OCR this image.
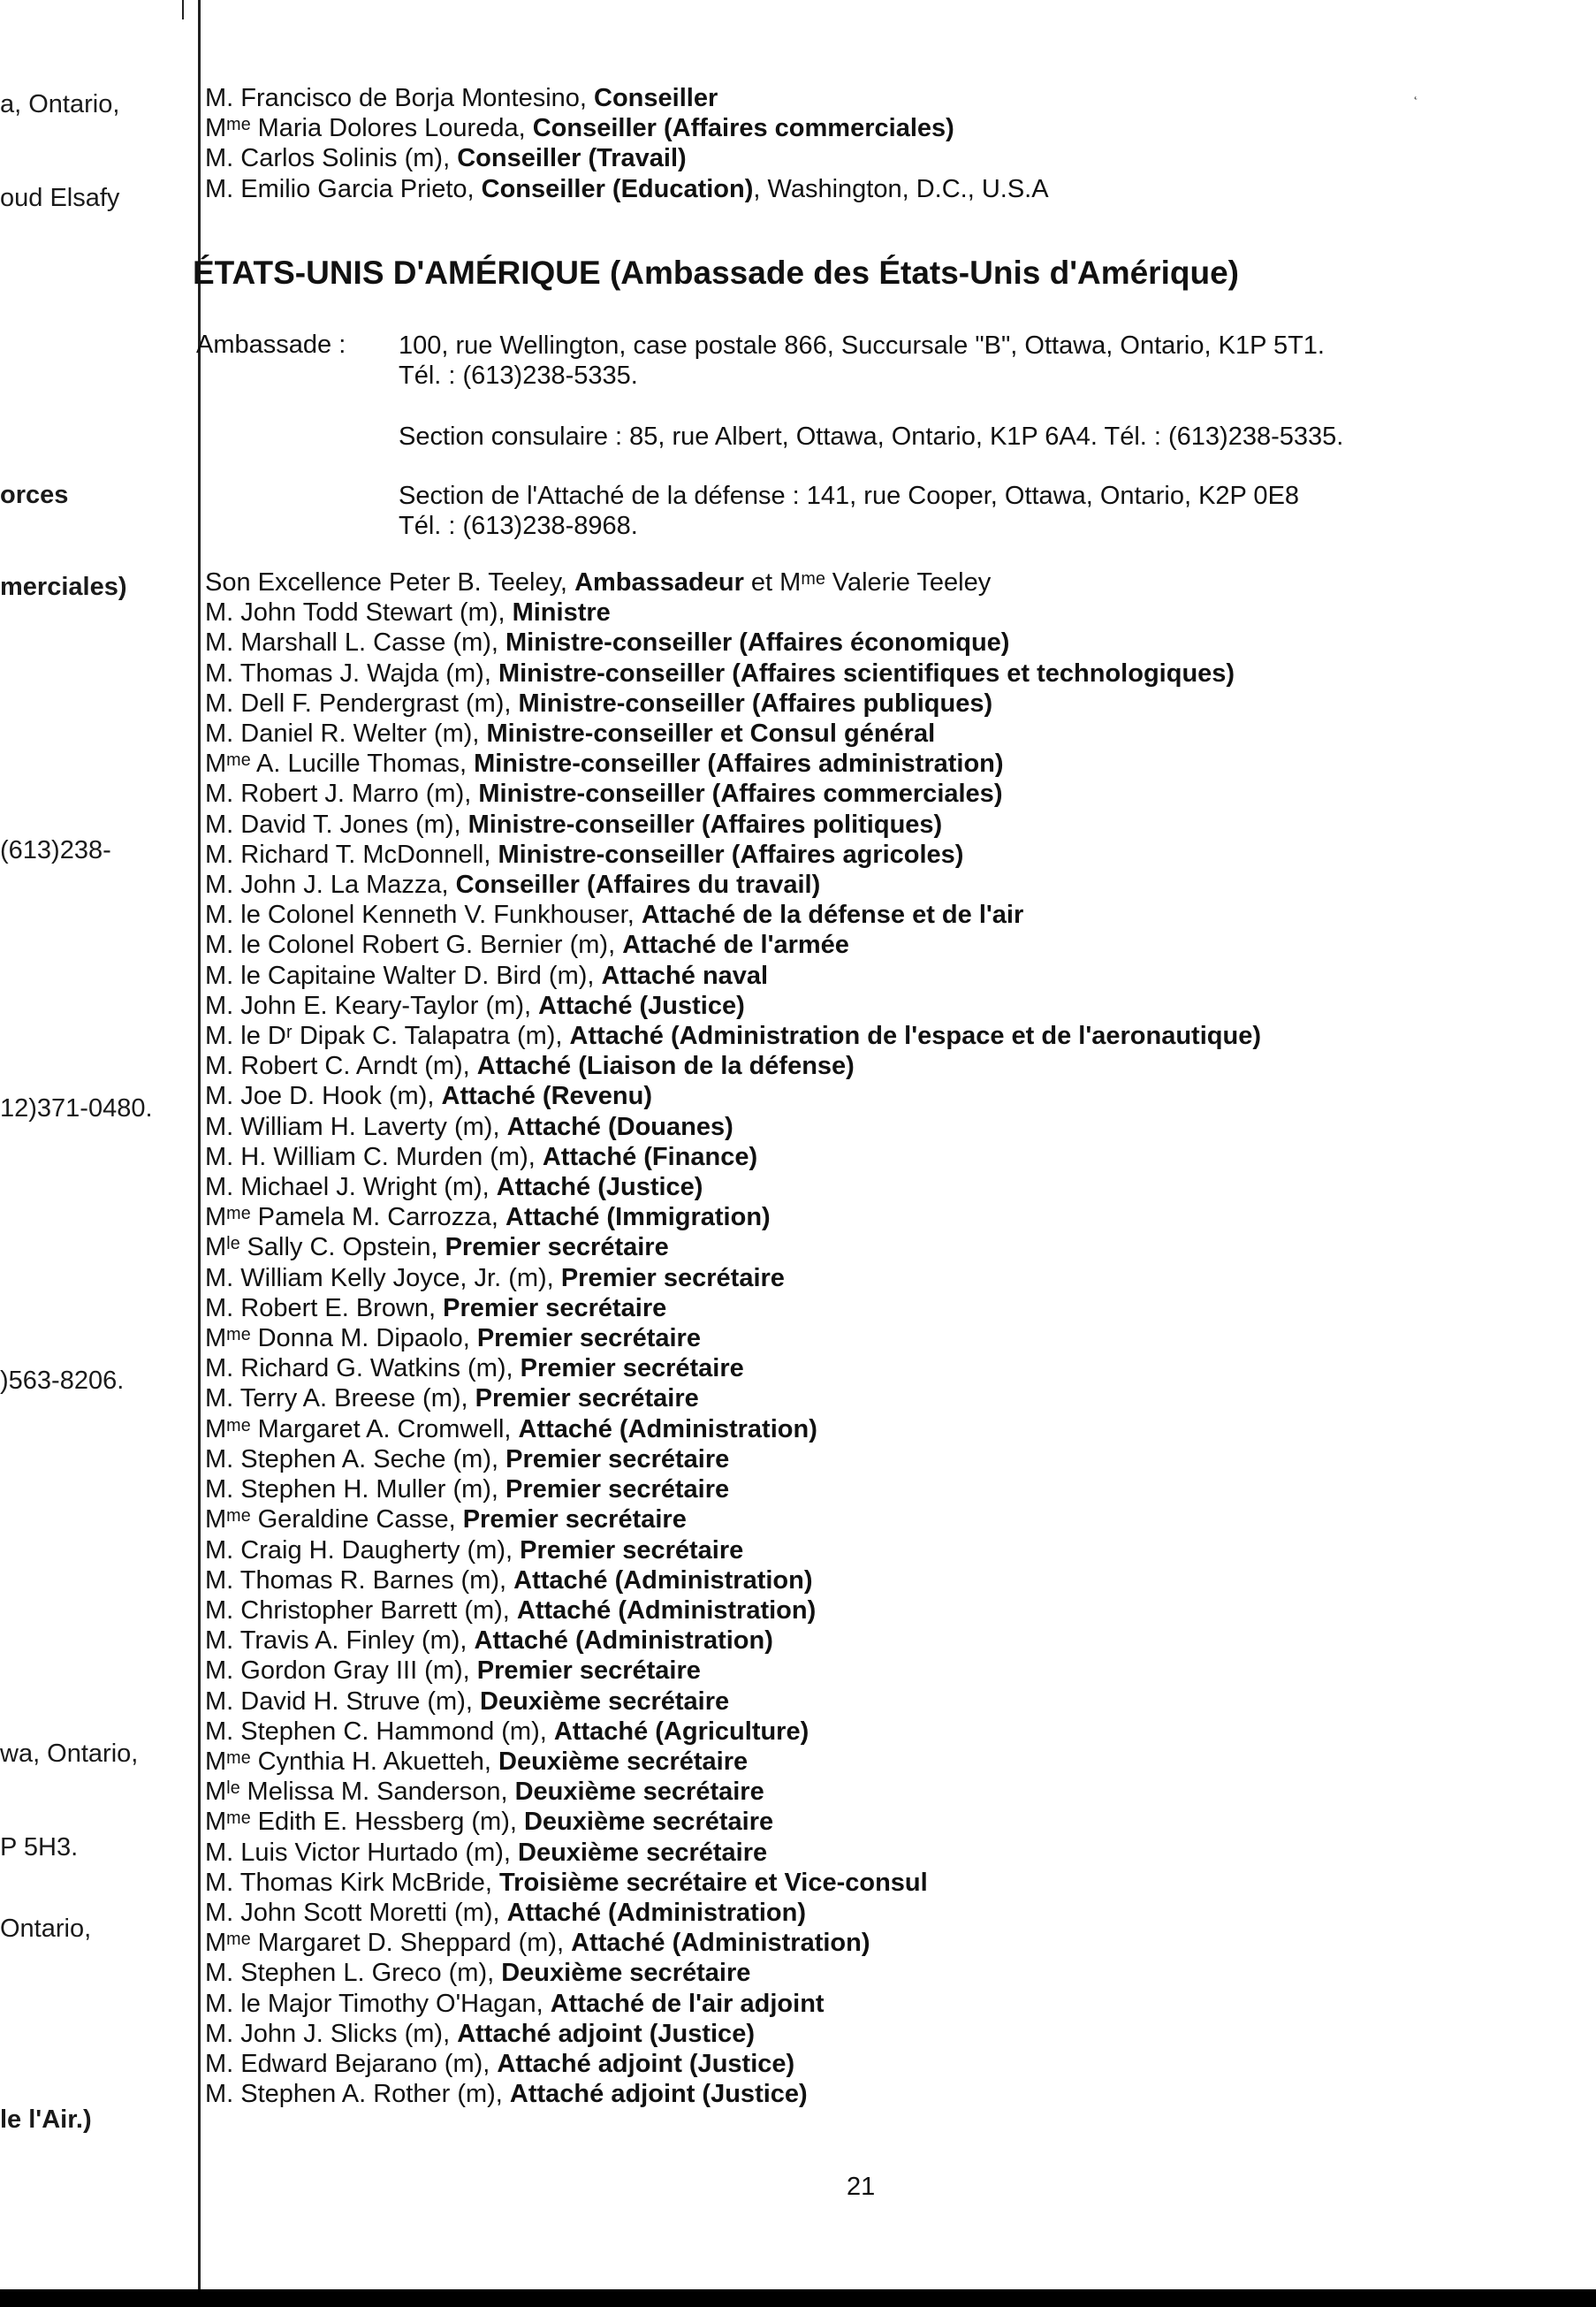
˛
a, Ontario,
oud Elsafy
orces
merciales)
(613)238-
12)371-0480.
)563-8206.
wa, Ontario,
P 5H3.
Ontario,
le l'Air.)
M. Francisco de Borja Montesino, Conseiller
Mᵐᵉ Maria Dolores Loureda, Conseiller (Affaires commerciales)
M. Carlos Solinis (m), Conseiller (Travail)
M. Emilio Garcia Prieto, Conseiller (Education), Washington, D.C., U.S.A
ÉTATS-UNIS D'AMÉRIQUE (Ambassade des États-Unis d'Amérique)
Ambassade : 100, rue Wellington, case postale 866, Succursale "B", Ottawa, Ontario, K1P 5T1.
Tél. : (613)238-5335.
Section consulaire : 85, rue Albert, Ottawa, Ontario, K1P 6A4. Tél. : (613)238-5335.
Section de l'Attaché de la défense : 141, rue Cooper, Ottawa, Ontario, K2P 0E8
Tél. : (613)238-8968.
Son Excellence Peter B. Teeley, Ambassadeur et Mᵐᵉ Valerie Teeley
M. John Todd Stewart (m), Ministre
M. Marshall L. Casse (m), Ministre-conseiller (Affaires économique)
M. Thomas J. Wajda (m), Ministre-conseiller (Affaires scientifiques et technologiques)
M. Dell F. Pendergrast (m), Ministre-conseiller (Affaires publiques)
M. Daniel R. Welter (m), Ministre-conseiller et Consul général
Mᵐᵉ A. Lucille Thomas, Ministre-conseiller (Affaires administration)
M. Robert J. Marro (m), Ministre-conseiller (Affaires commerciales)
M. David T. Jones (m), Ministre-conseiller (Affaires politiques)
M. Richard T. McDonnell, Ministre-conseiller (Affaires agricoles)
M. John J. La Mazza, Conseiller (Affaires du travail)
M. le Colonel Kenneth V. Funkhouser, Attaché de la défense et de l'air
M. le Colonel Robert G. Bernier (m), Attaché de l'armée
M. le Capitaine Walter D. Bird (m), Attaché naval
M. John E. Keary-Taylor (m), Attaché (Justice)
M. le Dʳ Dipak C. Talapatra (m), Attaché (Administration de l'espace et de l'aeronautique)
M. Robert C. Arndt (m), Attaché (Liaison de la défense)
M. Joe D. Hook (m), Attaché (Revenu)
M. William H. Laverty (m), Attaché (Douanes)
M. H. William C. Murden (m), Attaché (Finance)
M. Michael J. Wright (m), Attaché (Justice)
Mᵐᵉ Pamela M. Carrozza, Attaché (Immigration)
Mˡᵉ Sally C. Opstein, Premier secrétaire
M. William Kelly Joyce, Jr. (m), Premier secrétaire
M. Robert E. Brown, Premier secrétaire
Mᵐᵉ Donna M. Dipaolo, Premier secrétaire
M. Richard G. Watkins (m), Premier secrétaire
M. Terry A. Breese (m), Premier secrétaire
Mᵐᵉ Margaret A. Cromwell, Attaché (Administration)
M. Stephen A. Seche (m), Premier secrétaire
M. Stephen H. Muller (m), Premier secrétaire
Mᵐᵉ Geraldine Casse, Premier secrétaire
M. Craig H. Daugherty (m), Premier secrétaire
M. Thomas R. Barnes (m), Attaché (Administration)
M. Christopher Barrett (m), Attaché (Administration)
M. Travis A. Finley (m), Attaché (Administration)
M. Gordon Gray III (m), Premier secrétaire
M. David H. Struve (m), Deuxième secrétaire
M. Stephen C. Hammond (m), Attaché (Agriculture)
Mᵐᵉ Cynthia H. Akuetteh, Deuxième secrétaire
Mˡᵉ Melissa M. Sanderson, Deuxième secrétaire
Mᵐᵉ Edith E. Hessberg (m), Deuxième secrétaire
M. Luis Victor Hurtado (m), Deuxième secrétaire
M. Thomas Kirk McBride, Troisième secrétaire et Vice-consul
M. John Scott Moretti (m), Attaché (Administration)
Mᵐᵉ Margaret D. Sheppard (m), Attaché (Administration)
M. Stephen L. Greco (m), Deuxième secrétaire
M. le Major Timothy O'Hagan, Attaché de l'air adjoint
M. John J. Slicks (m), Attaché adjoint (Justice)
M. Edward Bejarano (m), Attaché adjoint (Justice)
M. Stephen A. Rother (m), Attaché adjoint (Justice)
21
